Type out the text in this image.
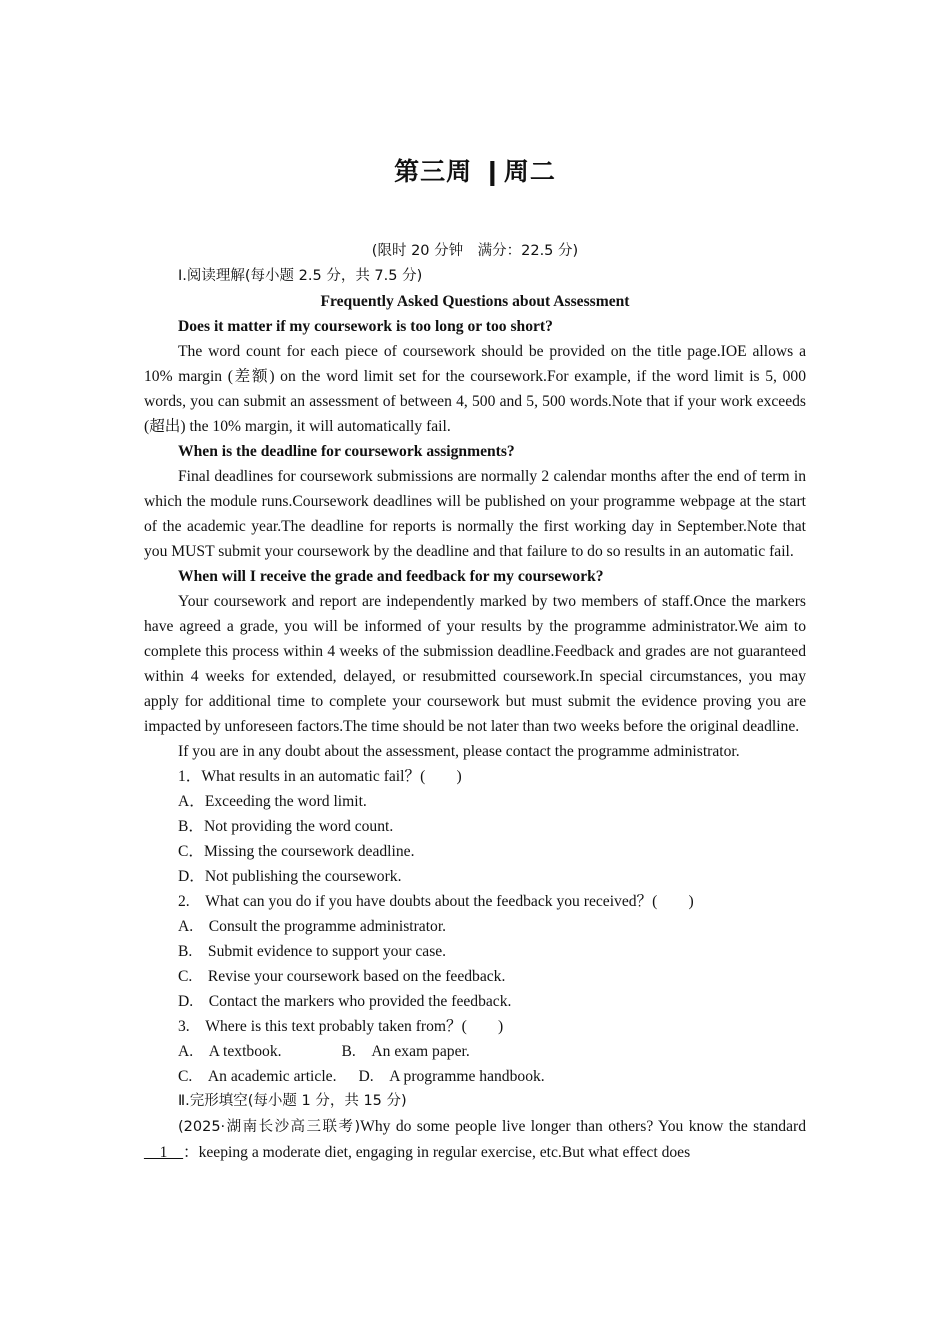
第三周 ❙周二

(限时 20 分钟　满分：22.5 分)

Ⅰ.阅读理解(每小题 2.5 分，共 7.5 分)

Frequently Asked Questions about Assessment

Does it matter if my coursework is too long or too short?

The word count for each piece of coursework should be provided on the title page.IOE allows a 10% margin (差额) on the word limit set for the coursework.For example, if the word limit is 5, 000 words, you can submit an assessment of between 4, 500 and 5, 500 words.Note that if your work exceeds (超出) the 10% margin, it will automatically fail.

When is the deadline for coursework assignments?

Final deadlines for coursework submissions are normally 2 calendar months after the end of term in which the module runs.Coursework deadlines will be published on your programme webpage at the start of the academic year.The deadline for reports is normally the first working day in September.Note that you MUST submit your coursework by the deadline and that failure to do so results in an automatic fail.

When will I receive the grade and feedback for my coursework?

Your coursework and report are independently marked by two members of staff.Once the markers have agreed a grade, you will be informed of your results by the programme administrator.We aim to complete this process within 4 weeks of the submission deadline.Feedback and grades are not guaranteed within 4 weeks for extended, delayed, or resubmitted coursework.In special circumstances, you may apply for additional time to complete your coursework but must submit the evidence proving you are impacted by unforeseen factors.The time should be not later than two weeks before the original deadline.

If you are in any doubt about the assessment, please contact the programme administrator.

1．What results in an automatic fail？(　　)

A．Exceeding the word limit.

B．Not providing the word count.

C．Missing the coursework deadline.

D．Not publishing the coursework.

2.　What can you do if you have doubts about the feedback you received？(　　)

A.　Consult the programme administrator.

B.　Submit evidence to support your case.

C.　Revise your coursework based on the feedback.

D.　Contact the markers who provided the feedback.

3.　Where is this text probably taken from？(　　)

A.　A textbook.	B.　An exam paper.

C.　An academic article. D.　A programme handbook.

Ⅱ.完形填空(每小题 1 分，共 15 分)

(2025·湖南长沙高三联考)Why do some people live longer than others? You know the standard __1__：keeping a moderate diet, engaging in regular exercise, etc.But what effect does
